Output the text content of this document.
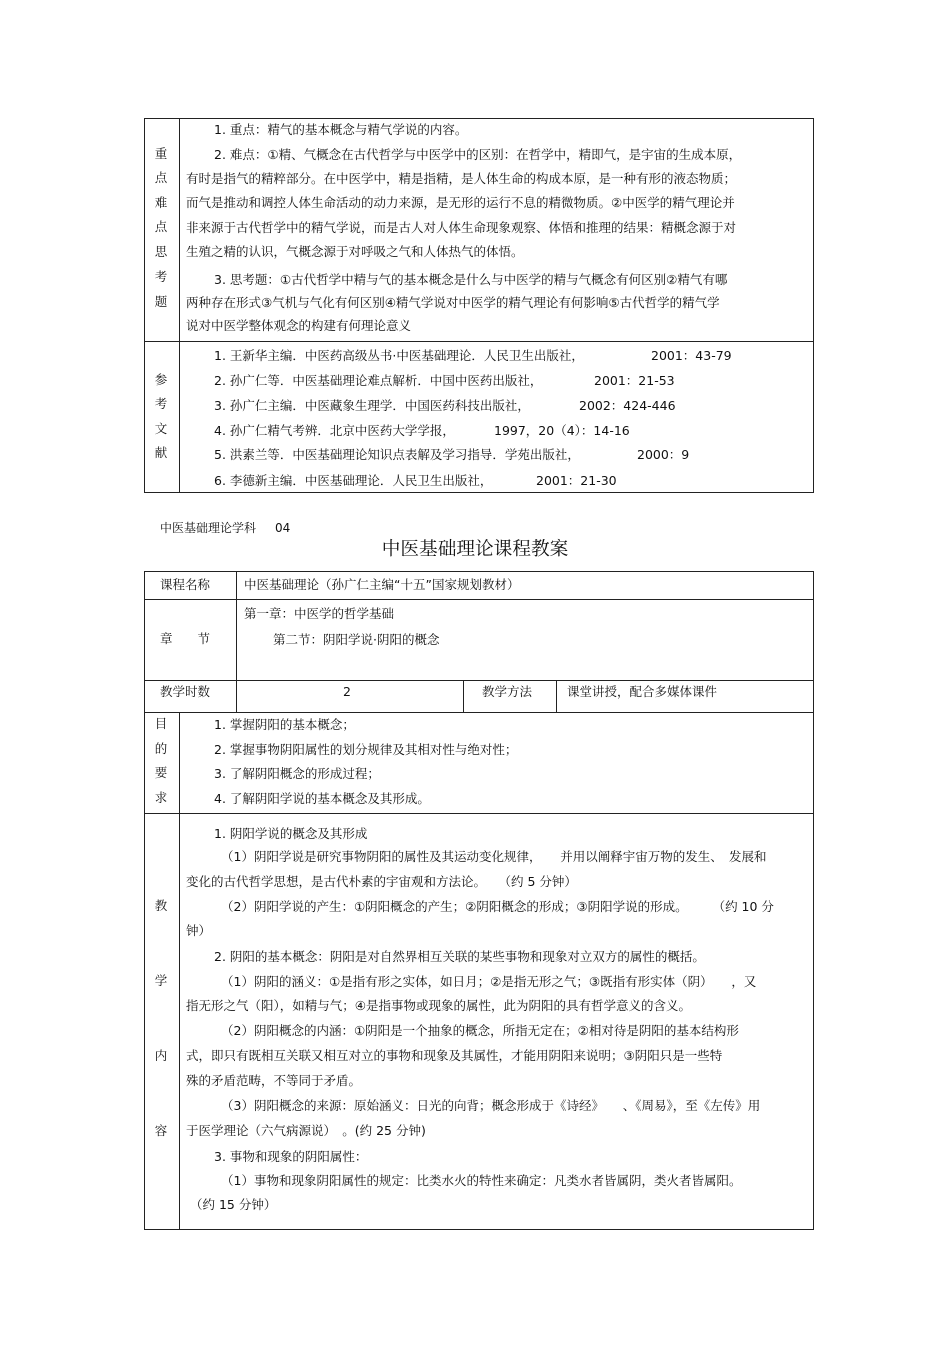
重
点
难
点
思
考
题
1. 重点：精气的基本概念与精气学说的内容。
2. 难点：①精、气概念在古代哲学与中医学中的区别：在哲学中，精即气，是宇宙的生成本原，
有时是指气的精粹部分。在中医学中，精是指精，是人体生命的构成本原，是一种有形的液态物质；
而气是推动和调控人体生命活动的动力来源，是无形的运行不息的精微物质。②中医学的精气理论并
非来源于古代哲学中的精气学说，而是古人对人体生命现象观察、体悟和推理的结果：精概念源于对
生殖之精的认识，气概念源于对呼吸之气和人体热气的体悟。
3. 思考题：①古代哲学中精与气的基本概念是什么与中医学的精与气概念有何区别②精气有哪
两种存在形式③气机与气化有何区别④精气学说对中医学的精气理论有何影响⑤古代哲学的精气学
说对中医学整体观念的构建有何理论意义
参
考
文
献
1. 王新华主编．中医药高级丛书·中医基础理论．人民卫生出版社，	2001：43-79
2. 孙广仁等．中医基础理论难点解析．中国中医药出版社，	2001：21-53
3. 孙广仁主编．中医藏象生理学．中国医药科技出版社，	2002：424-446
4. 孙广仁精气考辨．北京中医药大学学报，	1997，20（4）：14-16
5. 洪素兰等．中医基础理论知识点表解及学习指导．学苑出版社，	2000：9
6. 李德新主编．中医基础理论．人民卫生出版社，	2001：21-30
中医基础理论学科 04
中医基础理论课程教案
课程名称	中医基础理论（孙广仁主编“十五”国家规划教材）
章　　节
第一章：中医学的哲学基础
第二节：阴阳学说·阴阳的概念
教学时数	2	教学方法	课堂讲授，配合多媒体课件
目
的
要
求
1. 掌握阴阳的基本概念；
2. 掌握事物阴阳属性的划分规律及其相对性与绝对性；
3. 了解阴阳概念的形成过程；
4. 了解阴阳学说的基本概念及其形成。
教
学
内
容
1. 阴阳学说的概念及其形成
（1）阴阳学说是研究事物阴阳的属性及其运动变化规律，　　并用以阐释宇宙万物的发生、　发展和
变化的古代哲学思想，是古代朴素的宇宙观和方法论。　　（约 5 分钟）
（2）阴阳学说的产生：①阴阳概念的产生；②阴阳概念的形成；③阴阳学说的形成。　　　（约 10 分
钟）
2. 阴阳的基本概念：阴阳是对自然界相互关联的某些事物和现象对立双方的属性的概括。
（1）阴阳的涵义：①是指有形之实体，如日月；②是指无形之气；③既指有形实体（阴）　　，又
指无形之气（阳），如精与气；④是指事物或现象的属性，此为阴阳的具有哲学意义的含义。
（2）阴阳概念的内涵：①阴阳是一个抽象的概念，所指无定在；②相对待是阴阳的基本结构形
式，即只有既相互关联又相互对立的事物和现象及其属性，才能用阴阳来说明；③阴阳只是一些特
殊的矛盾范畴，不等同于矛盾。
（3）阴阳概念的来源：原始涵义：日光的向背；概念形成于《诗经》　　、《周易》，至《左传》用
于医学理论（六气病源说）　。(约 25 分钟)
3. 事物和现象的阴阳属性：
（1）事物和现象阴阳属性的规定：比类水火的特性来确定：凡类水者皆属阴，类火者皆属阳。
（约 15 分钟）
